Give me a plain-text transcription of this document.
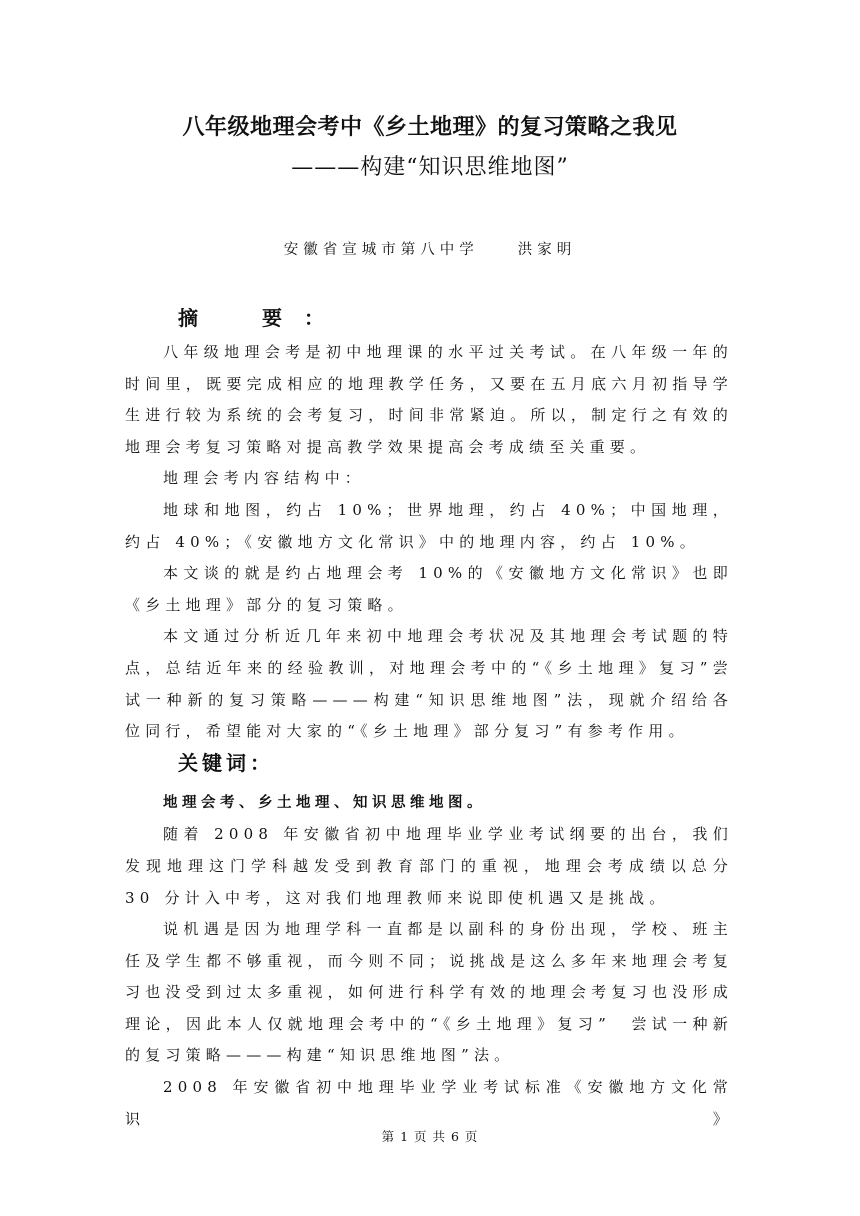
八年级地理会考中《乡土地理》的复习策略之我见
———构建“知识思维地图”
安徽省宣城市第八中学　　洪家明
摘　要：

八年级地理会考是初中地理课的水平过关考试。在八年级一年的时间里，既要完成相应的地理教学任务，又要在五月底六月初指导学生进行较为系统的会考复习，时间非常紧迫。所以，制定行之有效的地理会考复习策略对提高教学效果提高会考成绩至关重要。

地理会考内容结构中：

地球和地图，约占 10%；世界地理，约占 40%；中国地理，约占 40%；《安徽地方文化常识》中的地理内容，约占 10%。

本文谈的就是约占地理会考 10%的《安徽地方文化常识》也即《乡土地理》部分的复习策略。

本文通过分析近几年来初中地理会考状况及其地理会考试题的特点，总结近年来的经验教训，对地理会考中的“《乡土地理》复习”尝试一种新的复习策略———构建“知识思维地图”法，现就介绍给各位同行，希望能对大家的“《乡土地理》部分复习”有参考作用。

地理会考、乡土地理、知识思维地图。

随着 2008 年安徽省初中地理毕业学业考试纲要的出台，我们发现地理这门学科越发受到教育部门的重视，地理会考成绩以总分 30 分计入中考，这对我们地理教师来说即使机遇又是挑战。

说机遇是因为地理学科一直都是以副科的身份出现，学校、班主任及学生都不够重视，而今则不同；说挑战是这么多年来地理会考复习也没受到过太多重视，如何进行科学有效的地理会考复习也没形成理论，因此本人仅就地理会考中的“《乡土地理》复习”　尝试一种新的复习策略———构建“知识思维地图”法。

2008 年安徽省初中地理毕业学业考试标准《安徽地方文化常识》

关键词：
第 1 页 共 6 页
